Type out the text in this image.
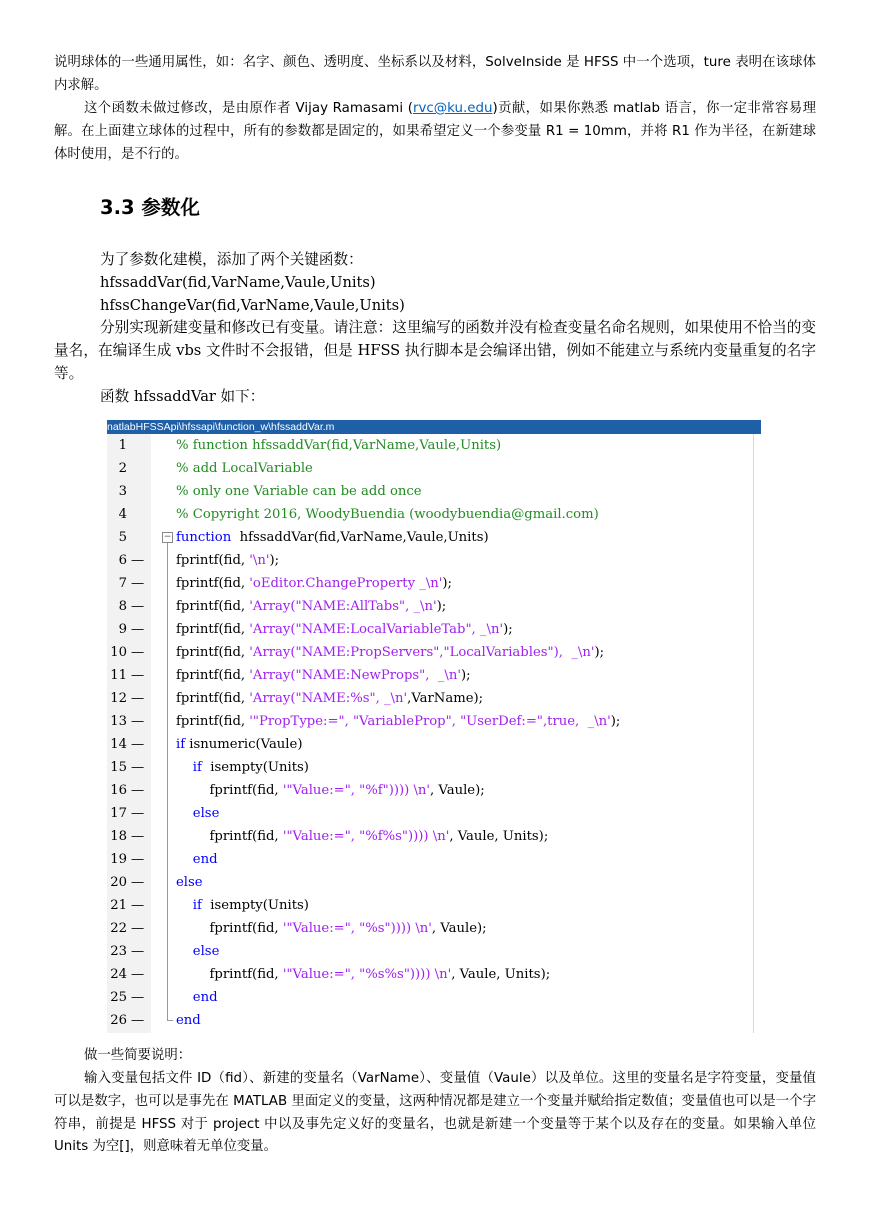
说明球体的一些通用属性，如：名字、颜色、透明度、坐标系以及材料，SolveInside 是 HFSS 中一个选项，ture 表明在该球体内求解。

这个函数未做过修改，是由原作者 Vijay Ramasami (rvc@ku.edu)贡献，如果你熟悉 matlab 语言，你一定非常容易理解。在上面建立球体的过程中，所有的参数都是固定的，如果希望定义一个参变量 R1 = 10mm，并将 R1 作为半径，在新建球体时使用，是不行的。

3.3 参数化
为了参数化建模，添加了两个关键函数：
hfssaddVar(fid,VarName,Vaule,Units)
hfssChangeVar(fid,VarName,Vaule,Units)
分别实现新建变量和修改已有变量。请注意：这里编写的函数并没有检查变量名命名规则，如果使用不恰当的变量名，在编译生成 vbs 文件时不会报错，但是 HFSS 执行脚本是会编译出错，例如不能建立与系统内变量重复的名字等。
函数 hfssaddVar 如下：
natlabHFSSApi\hfssapi\function_w\hfssaddVar.m
1	% function hfssaddVar(fid,VarName,Vaule,Units)
2	% add LocalVariable
3	% only one Variable can be add once
4	% Copyright 2016, WoodyBuendia (woodybuendia@gmail.com)
5	function  hfssaddVar(fid,VarName,Vaule,Units)
6 — fprintf(fid, '\n');
7 — fprintf(fid, 'oEditor.ChangeProperty _\n');
8 — fprintf(fid, 'Array("NAME:AllTabs", _\n');
9 — fprintf(fid, 'Array("NAME:LocalVariableTab", _\n');
10 — fprintf(fid, 'Array("NAME:PropServers","LocalVariables"),  _\n');
11 — fprintf(fid, 'Array("NAME:NewProps",  _\n');
12 — fprintf(fid, 'Array("NAME:%s", _\n',VarName);
13 — fprintf(fid, '"PropType:=", "VariableProp", "UserDef:=",true,  _\n');
14 — if isnumeric(Vaule)
15 —	if  isempty(Units)
16 — fprintf(fid, '"Value:=", "%f")))) \n', Vaule);
17 —	else
18 — fprintf(fid, '"Value:=", "%f%s")))) \n', Vaule, Units);
19 —	end
20 — else
21 —	if  isempty(Units)
22 — fprintf(fid, '"Value:=", "%s")))) \n', Vaule);
23 —	else
24 — fprintf(fid, '"Value:=", "%s%s")))) \n', Vaule, Units);
25 —	end
26 — end
−

做一些简要说明：

输入变量包括文件 ID（fid）、新建的变量名（VarName）、变量值（Vaule）以及单位。这里的变量名是字符变量，变量值可以是数字，也可以是事先在 MATLAB 里面定义的变量，这两种情况都是建立一个变量并赋给指定数值；变量值也可以是一个字符串，前提是 HFSS 对于 project 中以及事先定义好的变量名，也就是新建一个变量等于某个以及存在的变量。如果输入单位 Units 为空[]，则意味着无单位变量。
